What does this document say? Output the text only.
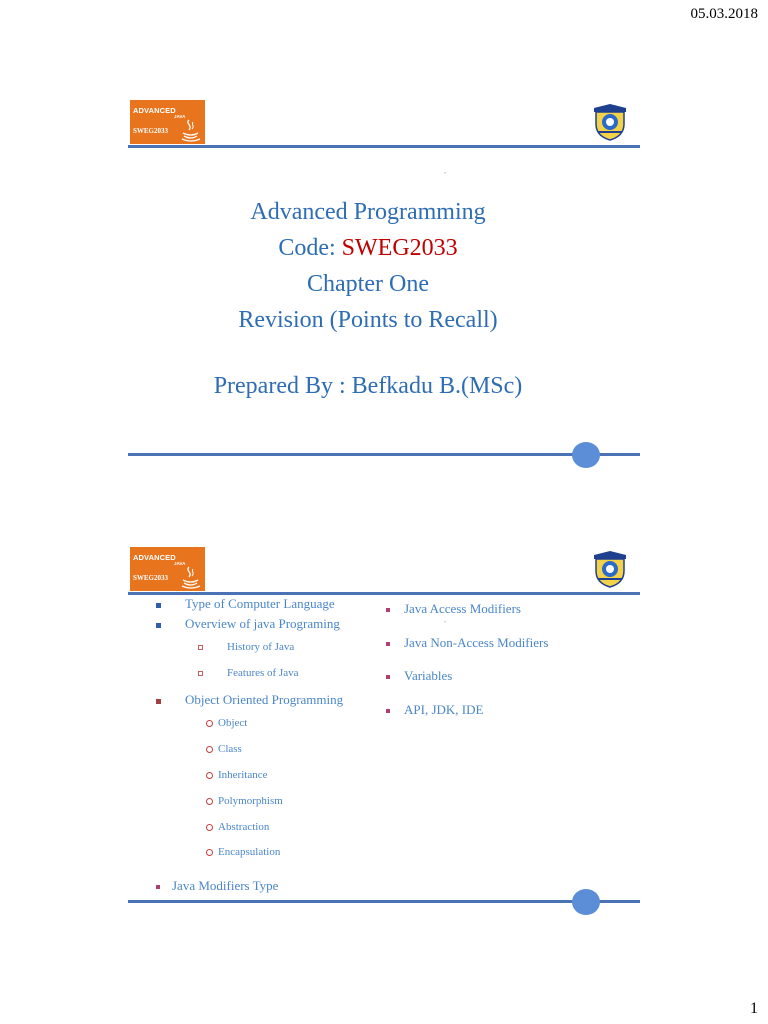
05.03.2018
ADVANCED
JAVA
SWEG2033
’
Advanced Programming
Code: SWEG2033
Chapter One
Revision (Points to Recall)
Prepared By : Befkadu B.(MSc)
ADVANCED
JAVA
SWEG2033
Type of Computer Language
Overview of java Programing
History of Java
Features of Java
Object Oriented Programming
Object
Class
Inheritance
Polymorphism
Abstraction
Encapsulation
Java Modifiers Type
Java Access Modifiers
Java Non-Access Modifiers
Variables
API, JDK, IDE
’
1
